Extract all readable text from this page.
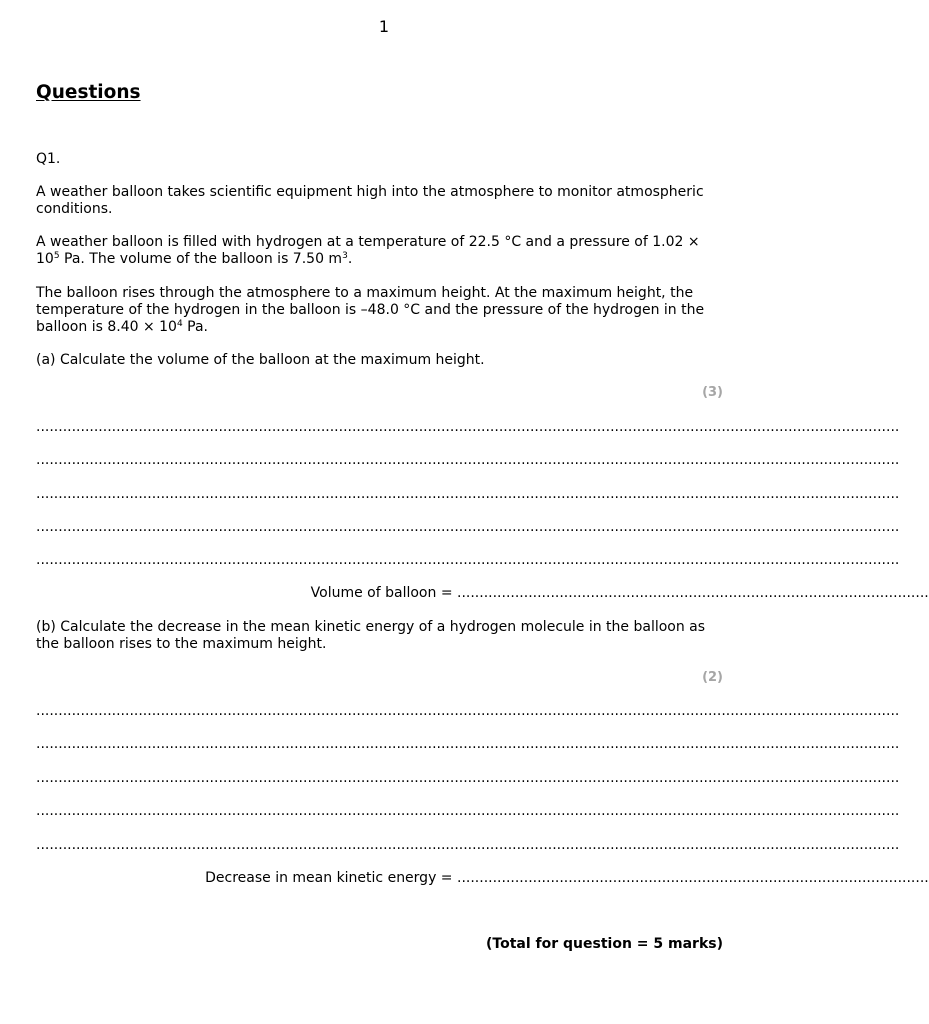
1
Questions

Q1.

A weather balloon takes scientific equipment high into the atmosphere to monitor atmospheric conditions.

A weather balloon is filled with hydrogen at a temperature of 22.5 °C and a pressure of $1.02 \times 10^5$ Pa. The volume of the balloon is 7.50 $m^3$.

The balloon rises through the atmosphere to a maximum height. At the maximum height, the temperature of the hydrogen in the balloon is –48.0 °C and the pressure of the hydrogen in the balloon is $8.40 \times 10^4$ Pa.

(a) Calculate the volume of the balloon at the maximum height.

(3)
..................................................................................................................................................................................................
..................................................................................................................................................................................................
..................................................................................................................................................................................................
..................................................................................................................................................................................................
..................................................................................................................................................................................................
Volume of balloon = ..........................................................................................................

(b) Calculate the decrease in the mean kinetic energy of a hydrogen molecule in the balloon as the balloon rises to the maximum height.

(2)
..................................................................................................................................................................................................
..................................................................................................................................................................................................
..................................................................................................................................................................................................
..................................................................................................................................................................................................
..................................................................................................................................................................................................
Decrease in mean kinetic energy = ..........................................................................................................
(Total for question = 5 marks)
